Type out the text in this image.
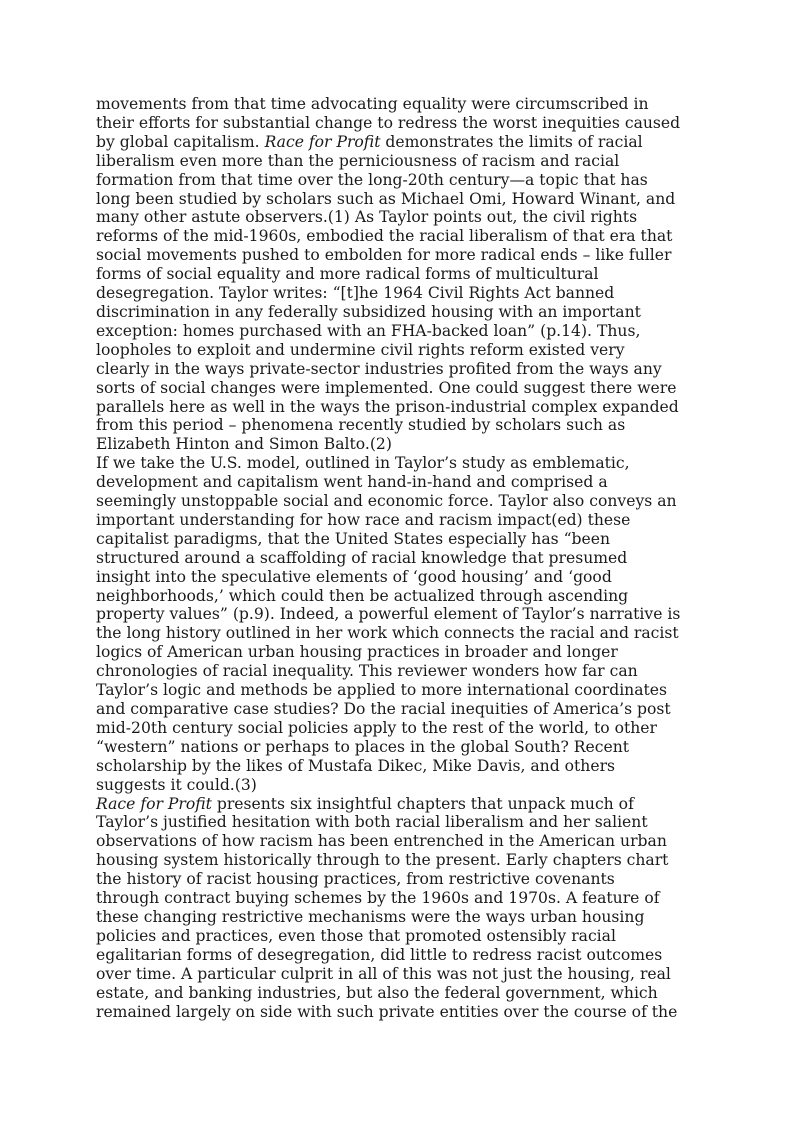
movements from that time advocating equality were circumscribed in
their efforts for substantial change to redress the worst inequities caused
by global capitalism. Race for Profit demonstrates the limits of racial
liberalism even more than the perniciousness of racism and racial
formation from that time over the long-20th century—a topic that has
long been studied by scholars such as Michael Omi, Howard Winant, and
many other astute observers.(1) As Taylor points out, the civil rights
reforms of the mid-1960s, embodied the racial liberalism of that era that
social movements pushed to embolden for more radical ends – like fuller
forms of social equality and more radical forms of multicultural
desegregation. Taylor writes: “[t]he 1964 Civil Rights Act banned
discrimination in any federally subsidized housing with an important
exception: homes purchased with an FHA-backed loan” (p.14). Thus,
loopholes to exploit and undermine civil rights reform existed very
clearly in the ways private-sector industries profited from the ways any
sorts of social changes were implemented. One could suggest there were
parallels here as well in the ways the prison-industrial complex expanded
from this period – phenomena recently studied by scholars such as
Elizabeth Hinton and Simon Balto.(2)
If we take the U.S. model, outlined in Taylor’s study as emblematic,
development and capitalism went hand-in-hand and comprised a
seemingly unstoppable social and economic force. Taylor also conveys an
important understanding for how race and racism impact(ed) these
capitalist paradigms, that the United States especially has “been
structured around a scaffolding of racial knowledge that presumed
insight into the speculative elements of ‘good housing’ and ‘good
neighborhoods,’ which could then be actualized through ascending
property values” (p.9). Indeed, a powerful element of Taylor’s narrative is
the long history outlined in her work which connects the racial and racist
logics of American urban housing practices in broader and longer
chronologies of racial inequality. This reviewer wonders how far can
Taylor’s logic and methods be applied to more international coordinates
and comparative case studies? Do the racial inequities of America’s post
mid-20th century social policies apply to the rest of the world, to other
“western” nations or perhaps to places in the global South? Recent
scholarship by the likes of Mustafa Dikec, Mike Davis, and others
suggests it could.(3)
Race for Profit presents six insightful chapters that unpack much of
Taylor’s justified hesitation with both racial liberalism and her salient
observations of how racism has been entrenched in the American urban
housing system historically through to the present. Early chapters chart
the history of racist housing practices, from restrictive covenants
through contract buying schemes by the 1960s and 1970s. A feature of
these changing restrictive mechanisms were the ways urban housing
policies and practices, even those that promoted ostensibly racial
egalitarian forms of desegregation, did little to redress racist outcomes
over time. A particular culprit in all of this was not just the housing, real
estate, and banking industries, but also the federal government, which
remained largely on side with such private entities over the course of the
